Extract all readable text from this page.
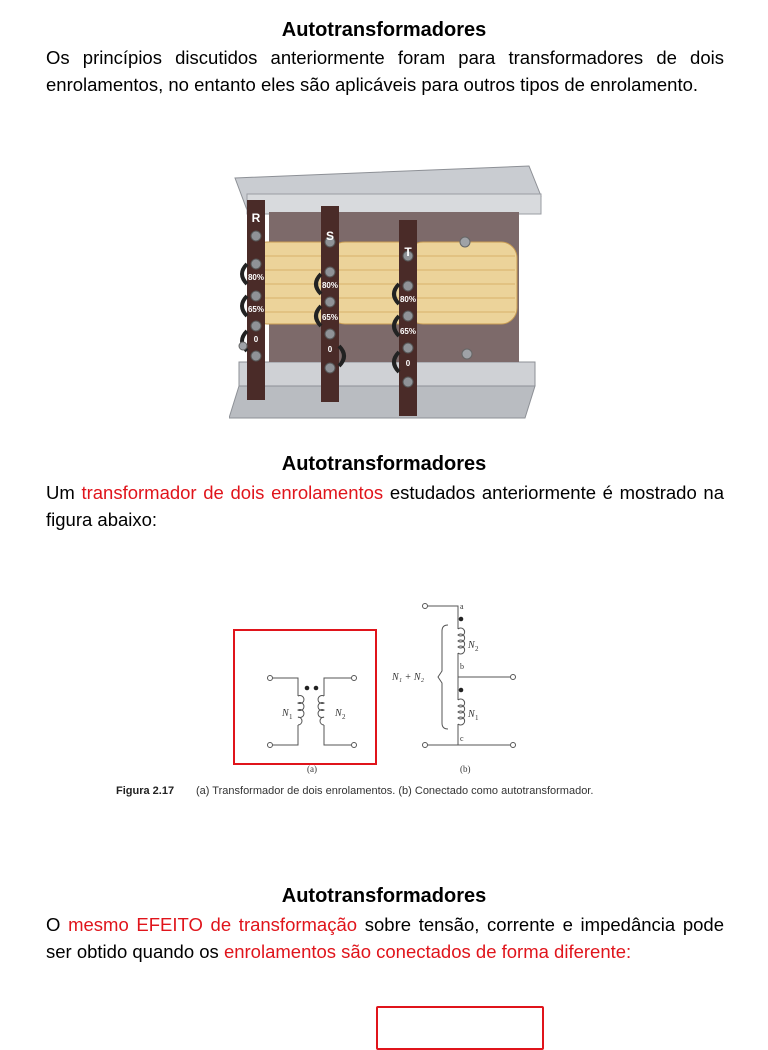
Autotransformadores
Os princípios discutidos anteriormente foram para transformadores de dois enrolamentos, no entanto eles são aplicáveis para outros tipos de enrolamento.
R
S
T
80%
65%
0
80%
65%
0
80%
65%
0
Autotransformadores
Um transformador de dois enrolamentos estudados anteriormente é mostrado na figura abaixo:
N 1	N 2
(a)
a
b
c
N 2
N 1
N₁ + N₂
(b)
Figura 2.17 (a) Transformador de dois enrolamentos. (b) Conectado como autotransformador.
Autotransformadores
O mesmo EFEITO de transformação sobre tensão, corrente e impedância pode ser obtido quando os enrolamentos são conectados de forma diferente:
